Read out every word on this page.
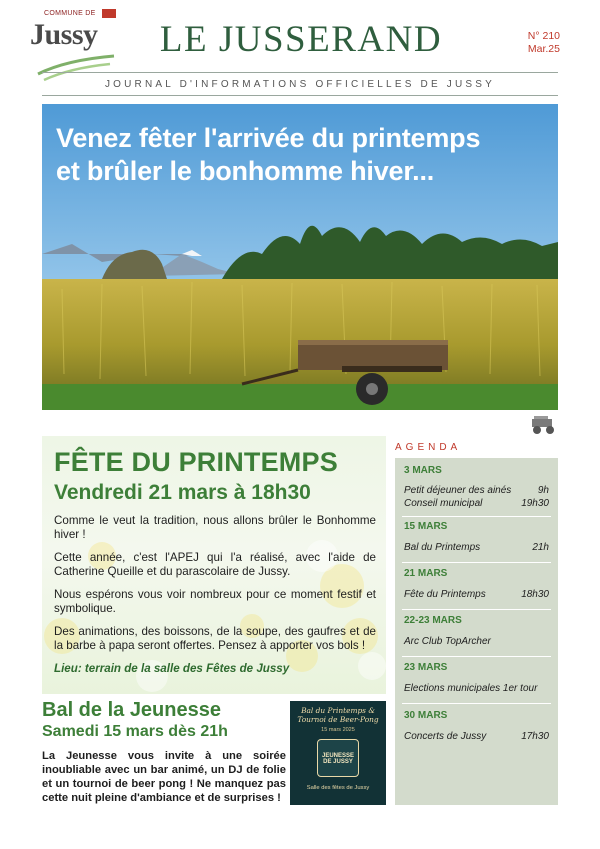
COMMUNE DE
Jussy	LE JUSSERAND	N° 210
Mar.25
JOURNAL D'INFORMATIONS OFFICIELLES DE JUSSY
Venez fêter l'arrivée du printemps
et brûler le bonhomme hiver...
FÊTE DU PRINTEMPS
Vendredi 21 mars à 18h30

Comme le veut la tradition, nous allons brûler le Bonhomme hiver !

Cette année, c'est l'APEJ qui l'a réalisé, avec l'aide de Catherine Queille et du parascolaire de Jussy.

Nous espérons vous voir nombreux pour ce moment festif et symbolique.

Des animations, des boissons, de la soupe, des gaufres et de la barbe à papa seront offertes. Pensez à apporter vos bols !

Lieu: terrain de la salle des Fêtes de Jussy

Bal de la Jeunesse
Samedi 15 mars dès 21h

La Jeunesse vous invite à une soirée inoubliable avec un bar animé, un DJ de folie et un tournoi de beer pong ! Ne manquez pas cette nuit pleine d'ambiance et de surprises !

Bal du Printemps &
Tournoi de Beer-Pong
15 mars 2025
JEUNESSE DE JUSSY
Salle des fêtes de Jussy
AGENDA
3 MARS
Petit déjeuner des ainés	9h
Conseil municipal	19h30
15 MARS
Bal du Printemps	21h
21 MARS
Fête du Printemps	18h30
22-23 MARS
Arc Club TopArcher
23 MARS
Elections municipales 1er tour
30 MARS
Concerts de Jussy	17h30
